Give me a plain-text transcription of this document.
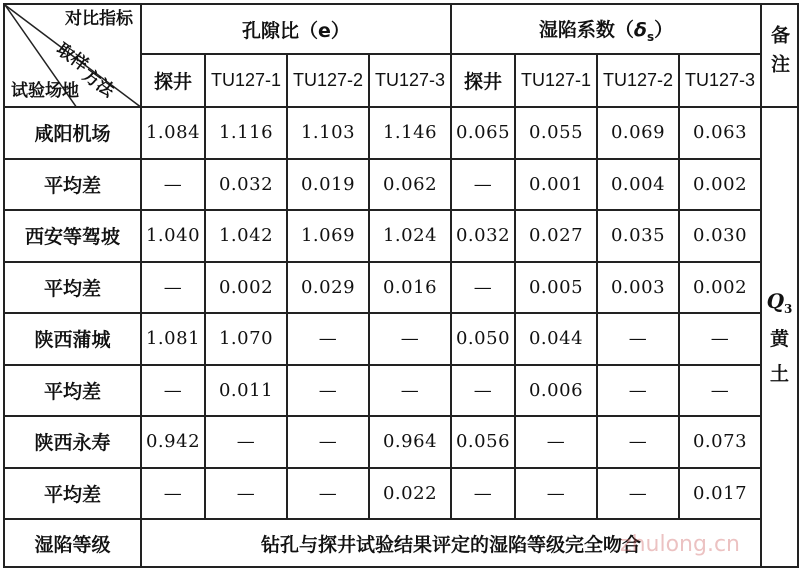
对比指标
取样
方法
试验场地	孔隙比（e）				湿陷系数$(\delta_s)$				备注
	探井	TU127-1	TU127-2	TU127-3	探井	TU127-1	TU127-2	TU127-3	
咸阳机场	1.084	1.116	1.103	1.146	0.065	0.055	0.069	0.063	$Q_3$
黄
土

平均差	—	0.032	0.019	0.062	—	0.001	0.004	0.002	
西安等驾坡	1.040	1.042	1.069	1.024	0.032	0.027	0.035	0.030	
平均差	—	0.002	0.029	0.016	—	0.005	0.003	0.002	
陕西蒲城	1.081	1.070	—	—	0.050	0.044	—	—	
平均差	—	0.011	—	—	—	0.006	—	—	
陕西永寿	0.942	—	—	0.964	0.056	—	—	0.073	
平均差	—	—	—	0.022	—	—	—	0.017	
湿陷等级	钻孔与探井试验结果评定的湿陷等级完全吻合								
zhulong.cn
